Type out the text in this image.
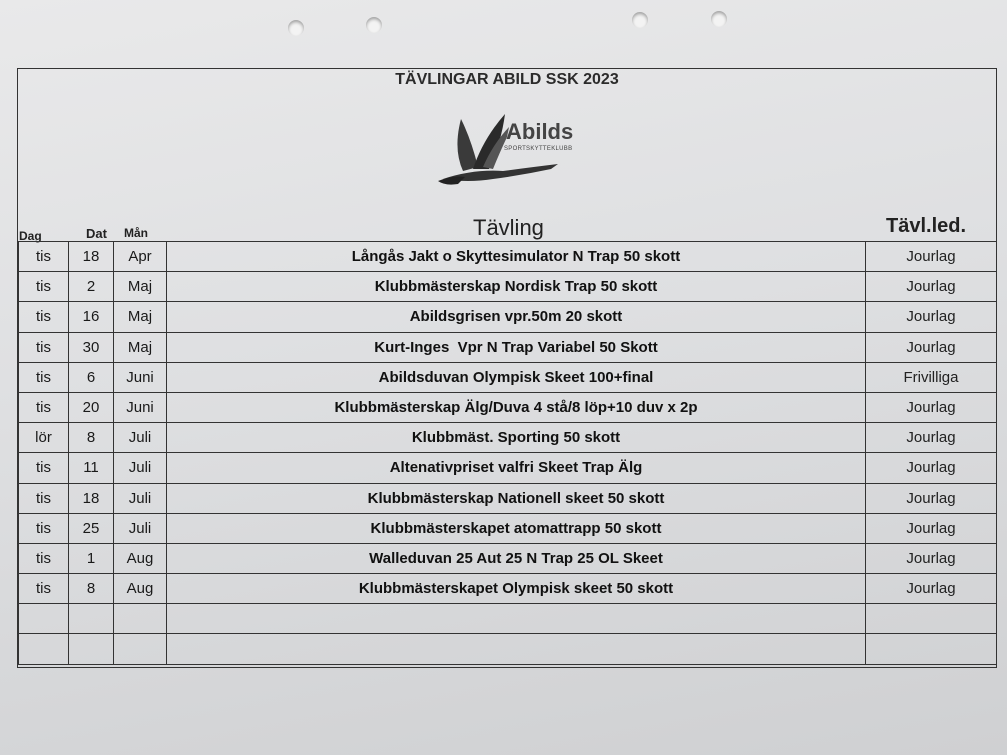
TÄVLINGAR ABILD SSK 2023
Abilds
SPORTSKYTTEKLUBB
Dag	Dat Mån	Tävling	Tävl.led.
tis	18	Apr	Långås Jakt o Skyttesimulator N Trap 50 skott	Jourlag
tis	2	Maj	Klubbmästerskap Nordisk Trap 50 skott	Jourlag
tis	16	Maj	Abildsgrisen vpr.50m 20 skott	Jourlag
tis	30	Maj	Kurt-Inges  Vpr N Trap Variabel 50 Skott	Jourlag
tis	6	Juni	Abildsduvan Olympisk Skeet 100+final	Frivilliga
tis	20	Juni	Klubbmästerskap Älg/Duva 4 stå/8 löp+10 duv x 2p	Jourlag
lör	8	Juli	Klubbmäst. Sporting 50 skott	Jourlag
tis	11	Juli	Altenativpriset valfri Skeet Trap Älg	Jourlag
tis	18	Juli	Klubbmästerskap Nationell skeet 50 skott	Jourlag
tis	25	Juli	Klubbmästerskapet atomattrapp 50 skott	Jourlag
tis	1	Aug	Walleduvan 25 Aut 25 N Trap 25 OL Skeet	Jourlag
tis	8	Aug	Klubbmästerskapet Olympisk skeet 50 skott	Jourlag
